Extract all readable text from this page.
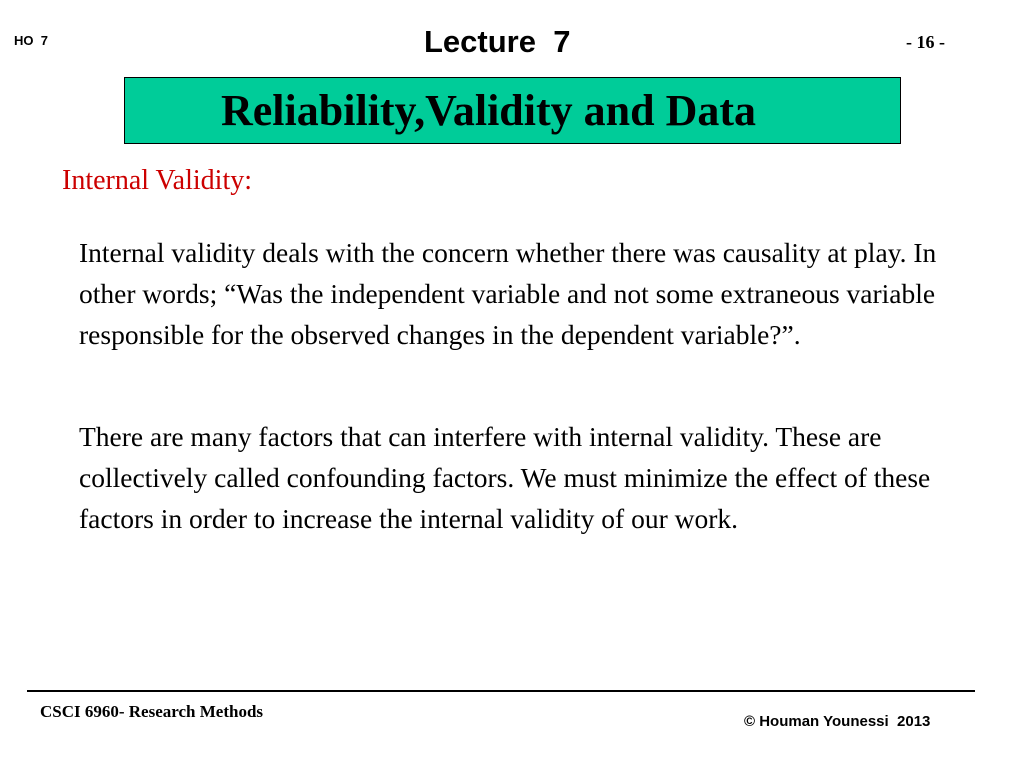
HO  7	Lecture  7	- 16 -
Reliability,Validity and Data
Internal Validity:

Internal validity deals with the concern whether there was causality at play. In other words; “Was the independent variable and not some extraneous variable responsible for the observed changes in the dependent variable?”.

There are many factors that can interfere with internal validity. These are collectively called confounding factors. We must minimize the effect of these factors in order to increase the internal validity of our work.

CSCI 6960- Research Methods
© Houman Younessi  2013
